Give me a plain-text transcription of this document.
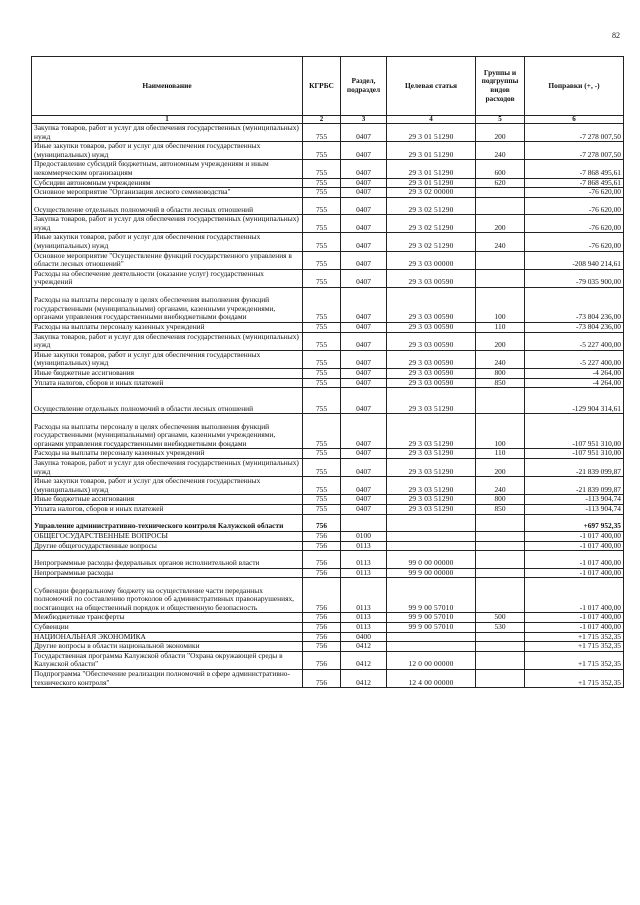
82
Наименование	КГРБС	Раздел, подраздел	Целевая статья	Группы и подгруппы видов расходов	Поправки (+, -)
1	2	3	4	5	6
Закупка товаров, работ и услуг для обеспечения государственных (муниципальных) нужд	755	0407	29 3 01 51290	200	-7 278 007,50
Иные закупки товаров, работ и услуг для обеспечения государственных (муниципальных) нужд	755	0407	29 3 01 51290	240	-7 278 007,50
Предоставление субсидий бюджетным, автономным учреждениям и иным некоммерческим организациям	755	0407	29 3 01 51290	600	-7 868 495,61
Субсидии автономным учреждениям	755	0407	29 3 01 51290	620	-7 868 495,61
Основное мероприятие "Организация лесного семеноводства"	755	0407	29 3 02 00000		-76 620,00
Осуществление отдельных полномочий в области лесных отношений	755	0407	29 3 02 51290		-76 620,00
Закупка товаров, работ и услуг для обеспечения государственных (муниципальных) нужд	755	0407	29 3 02 51290	200	-76 620,00
Иные закупки товаров, работ и услуг для обеспечения государственных (муниципальных) нужд	755	0407	29 3 02 51290	240	-76 620,00
Основное мероприятие "Осуществление функций государственного управления в области лесных отношений"	755	0407	29 3 03 00000		-208 940 214,61
Расходы на обеспечение деятельности (оказание услуг) государственных учреждений	755	0407	29 3 03 00590		-79 035 900,00
Расходы на выплаты персоналу в целях обеспечения выполнения функций государственными (муниципальными) органами, казенными учреждениями, органами управления государственными внебюджетными фондами	755	0407	29 3 03 00590	100	-73 804 236,00
Расходы на выплаты персоналу казенных учреждений	755	0407	29 3 03 00590	110	-73 804 236,00
Закупка товаров, работ и услуг для обеспечения государственных (муниципальных) нужд	755	0407	29 3 03 00590	200	-5 227 400,00
Иные закупки товаров, работ и услуг для обеспечения государственных (муниципальных) нужд	755	0407	29 3 03 00590	240	-5 227 400,00
Иные бюджетные ассигнования	755	0407	29 3 03 00590	800	-4 264,00
Уплата налогов, сборов и иных платежей	755	0407	29 3 03 00590	850	-4 264,00
Осуществление отдельных полномочий в области лесных отношений	755	0407	29 3 03 51290		-129 904 314,61
Расходы на выплаты персоналу в целях обеспечения выполнения функций государственными (муниципальными) органами, казенными учреждениями, органами управления государственными внебюджетными фондами	755	0407	29 3 03 51290	100	-107 951 310,00
Расходы на выплаты персоналу казенных учреждений	755	0407	29 3 03 51290	110	-107 951 310,00
Закупка товаров, работ и услуг для обеспечения государственных (муниципальных) нужд	755	0407	29 3 03 51290	200	-21 839 099,87
Иные закупки товаров, работ и услуг для обеспечения государственных (муниципальных) нужд	755	0407	29 3 03 51290	240	-21 839 099,87
Иные бюджетные ассигнования	755	0407	29 3 03 51290	800	-113 904,74
Уплата налогов, сборов и иных платежей	755	0407	29 3 03 51290	850	-113 904,74
Управление административно-технического контроля Калужской области	756				+697 952,35
ОБЩЕГОСУДАРСТВЕННЫЕ ВОПРОСЫ	756	0100			-1 017 400,00
Другие общегосударственные вопросы	756	0113			-1 017 400,00
Непрограммные расходы федеральных органов исполнительной власти	756	0113	99 0 00 00000		-1 017 400,00
Непрограммные расходы	756	0113	99 9 00 00000		-1 017 400,00
Субвенции федеральному бюджету на осуществление части переданных полномочий по составлению протоколов об административных правонарушениях, посягающих на общественный порядок и общественную безопасность	756	0113	99 9 00 57010		-1 017 400,00
Межбюджетные трансферты	756	0113	99 9 00 57010	500	-1 017 400,00
Субвенции	756	0113	99 9 00 57010	530	-1 017 400,00
НАЦИОНАЛЬНАЯ ЭКОНОМИКА	756	0400			+1 715 352,35
Другие вопросы в области национальной экономики	756	0412			+1 715 352,35
Государственная программа Калужской области "Охрана окружающей среды в Калужской области"	756	0412	12 0 00 00000		+1 715 352,35
Подпрограмма "Обеспечение реализации полномочий в сфере административно-технического контроля"	756	0412	12 4 00 00000		+1 715 352,35
